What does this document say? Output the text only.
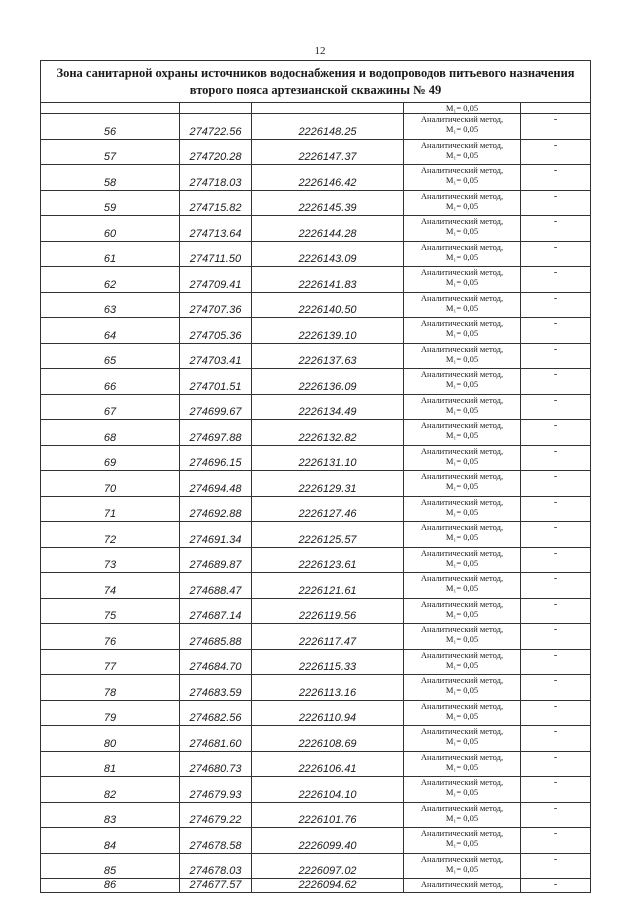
12
Зона санитарной охраны источников водоснабжения и водопроводов питьевого назначения
второго пояса артезианской скважины № 49				

			M₁= 0,05	

56	274722.56	2226148.25	Аналитический метод,
M₁= 0,05	-
57	274720.28	2226147.37	Аналитический метод,
M₁= 0,05	-
58	274718.03	2226146.42	Аналитический метод,
M₁= 0,05	-
59	274715.82	2226145.39	Аналитический метод,
M₁= 0,05	-
60	274713.64	2226144.28	Аналитический метод,
M₁= 0,05	-
61	274711.50	2226143.09	Аналитический метод,
M₁= 0,05	-
62	274709.41	2226141.83	Аналитический метод,
M₁= 0,05	-
63	274707.36	2226140.50	Аналитический метод,
M₁= 0,05	-
64	274705.36	2226139.10	Аналитический метод,
M₁= 0,05	-
65	274703.41	2226137.63	Аналитический метод,
M₁= 0,05	-
66	274701.51	2226136.09	Аналитический метод,
M₁= 0,05	-
67	274699.67	2226134.49	Аналитический метод,
M₁= 0,05	-
68	274697.88	2226132.82	Аналитический метод,
M₁= 0,05	-
69	274696.15	2226131.10	Аналитический метод,
M₁= 0,05	-
70	274694.48	2226129.31	Аналитический метод,
M₁= 0,05	-
71	274692.88	2226127.46	Аналитический метод,
M₁= 0,05	-
72	274691.34	2226125.57	Аналитический метод,
M₁= 0,05	-
73	274689.87	2226123.61	Аналитический метод,
M₁= 0,05	-
74	274688.47	2226121.61	Аналитический метод,
M₁= 0,05	-
75	274687.14	2226119.56	Аналитический метод,
M₁= 0,05	-
76	274685.88	2226117.47	Аналитический метод,
M₁= 0,05	-
77	274684.70	2226115.33	Аналитический метод,
M₁= 0,05	-
78	274683.59	2226113.16	Аналитический метод,
M₁= 0,05	-
79	274682.56	2226110.94	Аналитический метод,
M₁= 0,05	-
80	274681.60	2226108.69	Аналитический метод,
M₁= 0,05	-
81	274680.73	2226106.41	Аналитический метод,
M₁= 0,05	-
82	274679.93	2226104.10	Аналитический метод,
M₁= 0,05	-
83	274679.22	2226101.76	Аналитический метод,
M₁= 0,05	-
84	274678.58	2226099.40	Аналитический метод,
M₁= 0,05	-
85	274678.03	2226097.02	Аналитический метод,
M₁= 0,05	-
86	274677.57	2226094.62	Аналитический метод,	-
